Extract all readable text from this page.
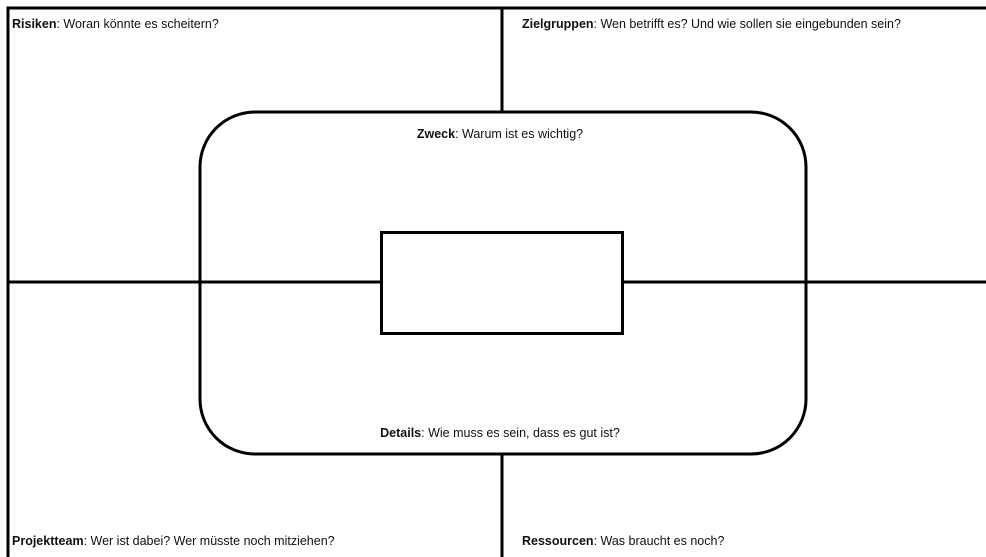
Risiken: Woran könnte es scheitern?	Zielgruppen: Wen betrifft es? Und wie sollen sie eingebunden sein?
Projektteam: Wer ist dabei? Wer müsste noch mitziehen?	Ressourcen: Was braucht es noch?
Zweck: Warum ist es wichtig?
Details: Wie muss es sein, dass es gut ist?
